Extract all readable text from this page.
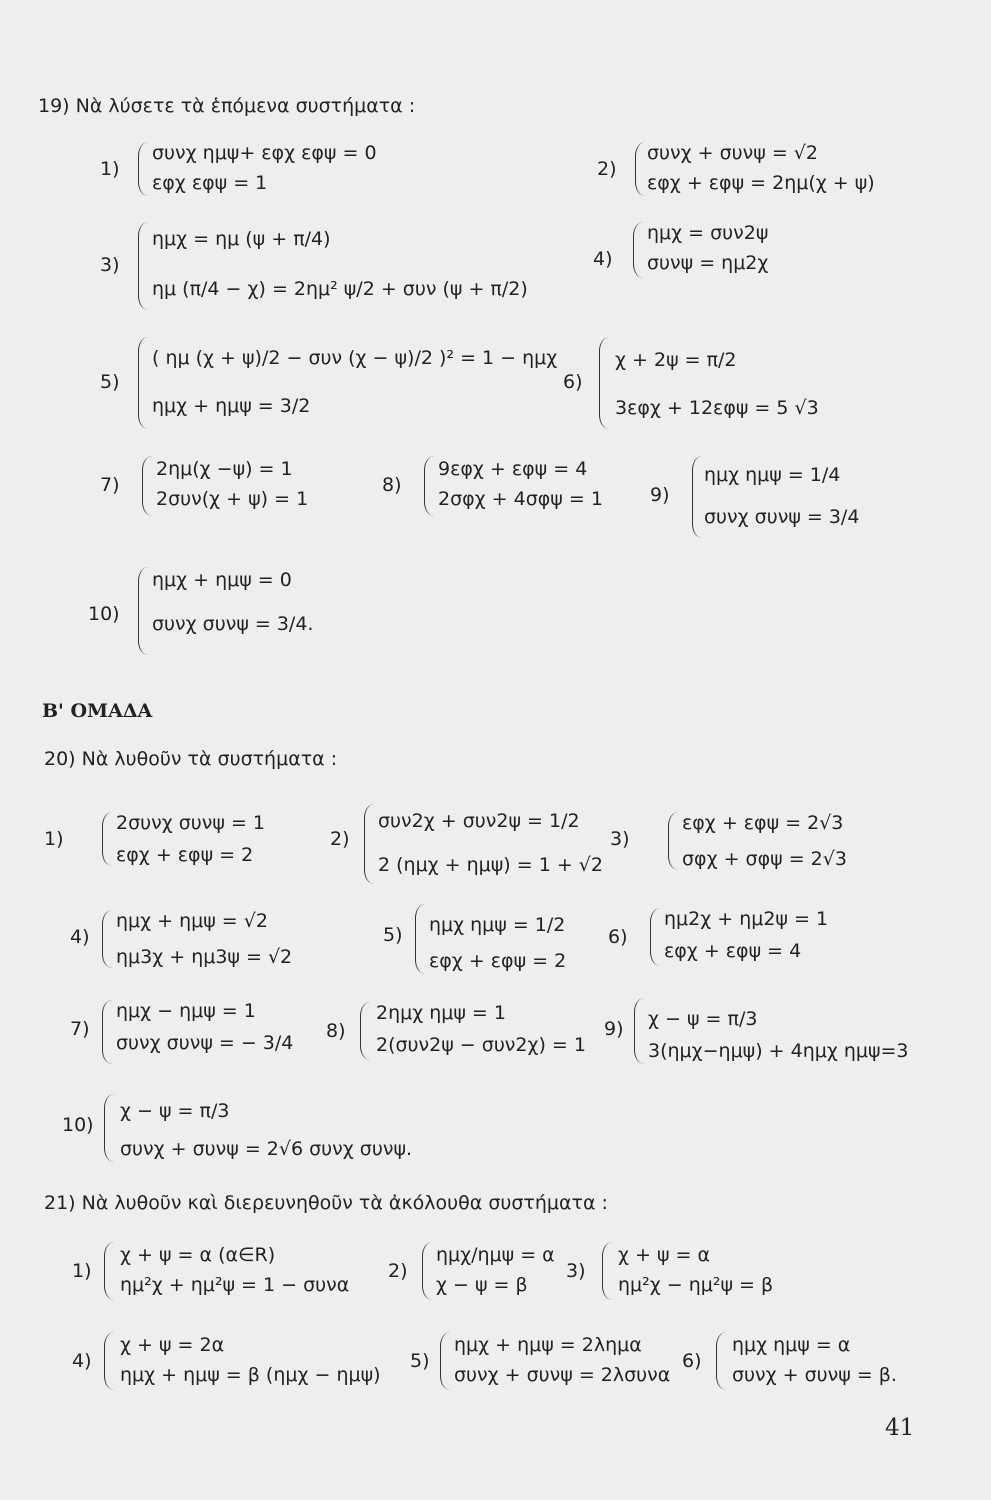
19) Νὰ λύσετε τὰ ἑπόμενα συστήματα :
1)
συνχ ημψ+ εφχ εφψ = 0
εφχ εφψ = 1
2)
συνχ + συνψ = √2
εφχ + εφψ = 2ημ(χ + ψ)
3)
ημχ = ημ (ψ + π/4)
ημ (π/4 − χ) = 2ημ² ψ/2 + συν (ψ + π/2)
4)
ημχ = συν2ψ
συνψ = ημ2χ
5)
( ημ (χ + ψ)/2 − συν (χ − ψ)/2 )² = 1 − ημχ
ημχ + ημψ = 3/2
6)
χ + 2ψ = π/2
3εφχ + 12εφψ = 5 √3
7)
2ημ(χ −ψ) = 1
2συν(χ + ψ) = 1
8)
9εφχ + εφψ = 4
2σφχ + 4σφψ = 1 9)
ημχ ημψ = 1/4
συνχ συνψ = 3/4
10)
ημχ + ημψ = 0
συνχ συνψ = 3/4.
Β' ΟΜΑΔΑ
20) Νὰ λυθοῦν τὰ συστήματα :
1)
2συνχ συνψ = 1
εφχ + εφψ = 2
2)
συν2χ + συν2ψ = 1/2
2 (ημχ + ημψ) = 1 + √2
3)
εφχ + εφψ = 2√3
σφχ + σφψ = 2√3
4)
ημχ + ημψ = √2
ημ3χ + ημ3ψ = √2
5) ημχ ημψ = 1/2
εφχ + εφψ = 2
6)
ημ2χ + ημ2ψ = 1
εφχ + εφψ = 4
7)
ημχ − ημψ = 1
συνχ συνψ = − 3/4
8)
2ημχ ημψ = 1
2(συν2ψ − συν2χ) = 1
9) χ − ψ = π/3
3(ημχ−ημψ) + 4ημχ ημψ=3
10)
χ − ψ = π/3
συνχ + συνψ = 2√6 συνχ συνψ.
21) Νὰ λυθοῦν καὶ διερευνηθοῦν τὰ ἀκόλουθα συστήματα :
1)
χ + ψ = α (α∈R)
ημ²χ + ημ²ψ = 1 − συνα
2)
ημχ/ημψ = α
χ − ψ = β
3)
χ + ψ = α
ημ²χ − ημ²ψ = β
4)
χ + ψ = 2α
ημχ + ημψ = β (ημχ − ημψ)
5)
ημχ + ημψ = 2λημα
συνχ + συνψ = 2λσυνα
6)
ημχ ημψ = α
συνχ + συνψ = β.
41
